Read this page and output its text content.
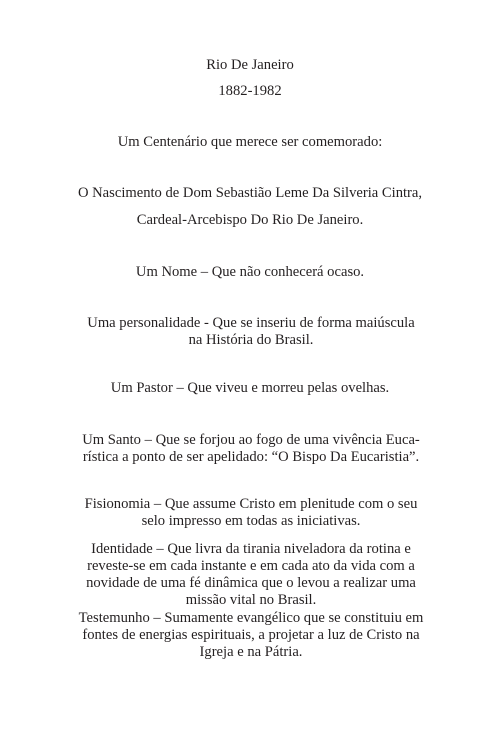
Rio De Janeiro
1882-1982
Um Centenário que merece ser comemorado:
O Nascimento de Dom Sebastião Leme Da Silveria Cintra,
Cardeal-Arcebispo Do Rio De Janeiro.
Um Nome – Que não conhecerá ocaso.
Uma personalidade - Que se inseriu de forma maiúscula
na História do Brasil.
Um Pastor – Que viveu e morreu pelas ovelhas.
Um Santo – Que se forjou ao fogo de uma vivência Euca-
rística a ponto de ser apelidado: “O Bispo Da Eucaristia”.
Fisionomia – Que assume Cristo em plenitude com o seu
selo impresso em todas as iniciativas.
Identidade – Que livra da tirania niveladora da rotina e
reveste-se em cada instante e em cada ato da vida com a
novidade de uma fé dinâmica que o levou a realizar uma
missão vital no Brasil.
Testemunho – Sumamente evangélico que se constituiu em
fontes de energias espirituais, a projetar a luz de Cristo na
Igreja e na Pátria.
